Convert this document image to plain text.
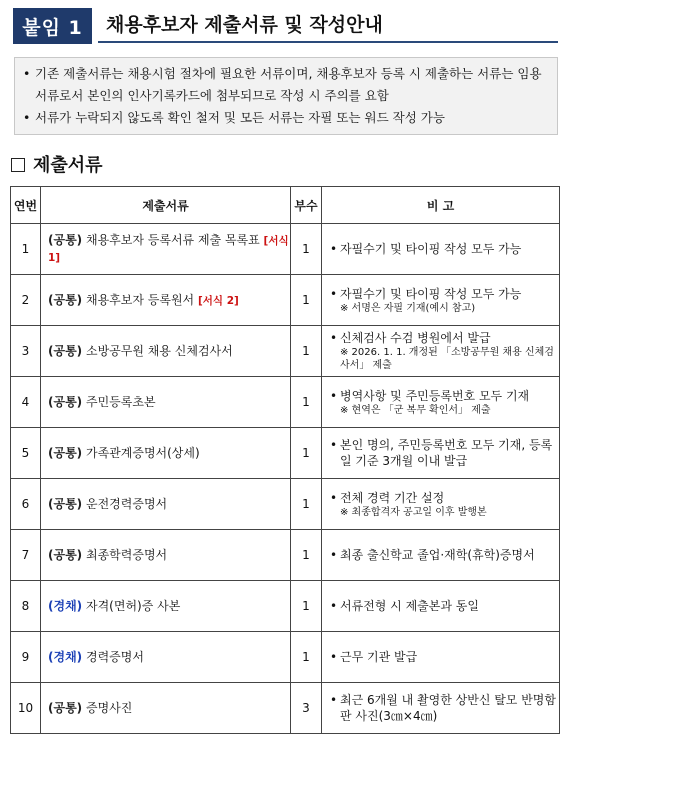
붙임 1	채용후보자 제출서류 및 작성안내
• 기존 제출서류는 채용시험 절차에 필요한 서류이며, 채용후보자 등록 시 제출하는 서류는 임용서류로서 본인의 인사기록카드에 첨부되므로 작성 시 주의를 요함
• 서류가 누락되지 않도록 확인 철저 및 모든 서류는 자필 또는 워드 작성 가능
제출서류
연번	제출서류	부수	비 고
1	(공통) 채용후보자 등록서류 제출 목록표 [서식 1]	1	• 자필수기 및 타이핑 작성 모두 가능

2	(공통) 채용후보자 등록원서 [서식 2]	1	• 자필수기 및 타이핑 작성 모두 가능
※ 서명은 자필 기재(예시 참고)

3	(공통) 소방공무원 채용 신체검사서	1	• 신체검사 수검 병원에서 발급
※ 2026. 1. 1. 개정된 「소방공무원 채용 신체검사서」 제출

4	(공통) 주민등록초본	1	• 병역사항 및 주민등록번호 모두 기재
※ 현역은 「군 복무 확인서」 제출

5	(공통) 가족관계증명서(상세)	1	• 본인 명의, 주민등록번호 모두 기재, 등록일 기준 3개월 이내 발급

6	(공통) 운전경력증명서	1	• 전체 경력 기간 설정
※ 최종합격자 공고일 이후 발행본

7	(공통) 최종학력증명서	1	• 최종 출신학교 졸업·재학(휴학)증명서

8	(경채) 자격(면허)증 사본	1	• 서류전형 시 제출본과 동일

9	(경채) 경력증명서	1	• 근무 기관 발급

10	(공통) 증명사진	3	• 최근 6개월 내 촬영한 상반신 탈모 반명함판 사진(3㎝×4㎝)
